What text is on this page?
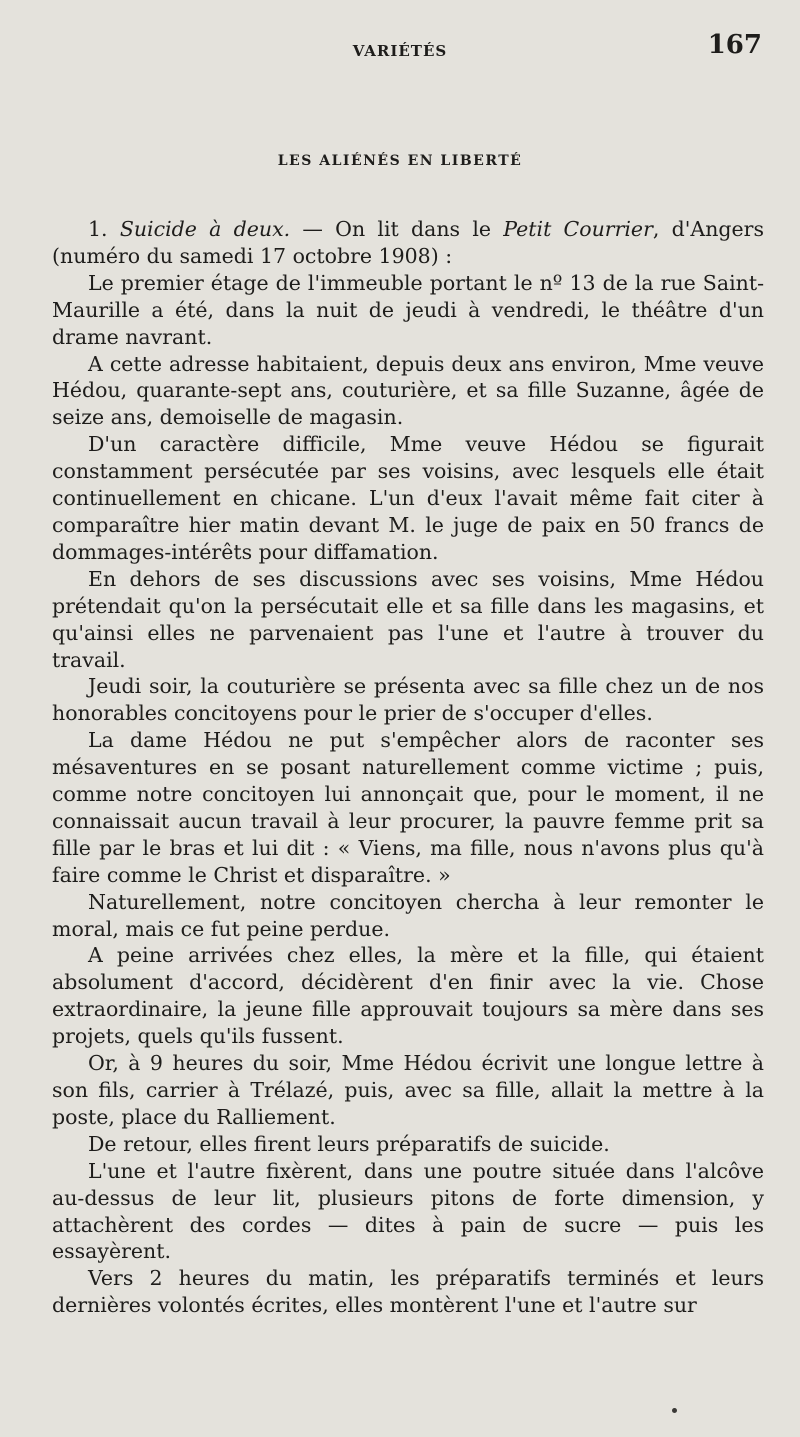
VARIÉTÉS	167
LES ALIÉNÉS EN LIBERTÉ

1. Suicide à deux. — On lit dans le Petit Courrier, d'Angers (numéro du samedi 17 octobre 1908) :

Le premier étage de l'immeuble portant le nº 13 de la rue Saint-Maurille a été, dans la nuit de jeudi à vendredi, le théâtre d'un drame navrant.

A cette adresse habitaient, depuis deux ans environ, Mme veuve Hédou, quarante-sept ans, couturière, et sa fille Suzanne, âgée de seize ans, demoiselle de magasin.

D'un caractère difficile, Mme veuve Hédou se figurait constamment persécutée par ses voisins, avec lesquels elle était continuellement en chicane. L'un d'eux l'avait même fait citer à comparaître hier matin devant M. le juge de paix en 50 francs de dommages-intérêts pour diffamation.

En dehors de ses discussions avec ses voisins, Mme Hédou prétendait qu'on la persécutait elle et sa fille dans les magasins, et qu'ainsi elles ne parvenaient pas l'une et l'autre à trouver du travail.

Jeudi soir, la couturière se présenta avec sa fille chez un de nos honorables concitoyens pour le prier de s'occuper d'elles.

La dame Hédou ne put s'empêcher alors de raconter ses mésaventures en se posant naturellement comme victime ; puis, comme notre concitoyen lui annonçait que, pour le moment, il ne connaissait aucun travail à leur procurer, la pauvre femme prit sa fille par le bras et lui dit : « Viens, ma fille, nous n'avons plus qu'à faire comme le Christ et disparaître. »

Naturellement, notre concitoyen chercha à leur remonter le moral, mais ce fut peine perdue.

A peine arrivées chez elles, la mère et la fille, qui étaient absolument d'accord, décidèrent d'en finir avec la vie. Chose extraordinaire, la jeune fille approuvait toujours sa mère dans ses projets, quels qu'ils fussent.

Or, à 9 heures du soir, Mme Hédou écrivit une longue lettre à son fils, carrier à Trélazé, puis, avec sa fille, allait la mettre à la poste, place du Ralliement.

De retour, elles firent leurs préparatifs de suicide.

L'une et l'autre fixèrent, dans une poutre située dans l'alcôve au-dessus de leur lit, plusieurs pitons de forte dimension, y attachèrent des cordes — dites à pain de sucre — puis les essayèrent.

Vers 2 heures du matin, les préparatifs terminés et leurs dernières volontés écrites, elles montèrent l'une et l'autre sur
